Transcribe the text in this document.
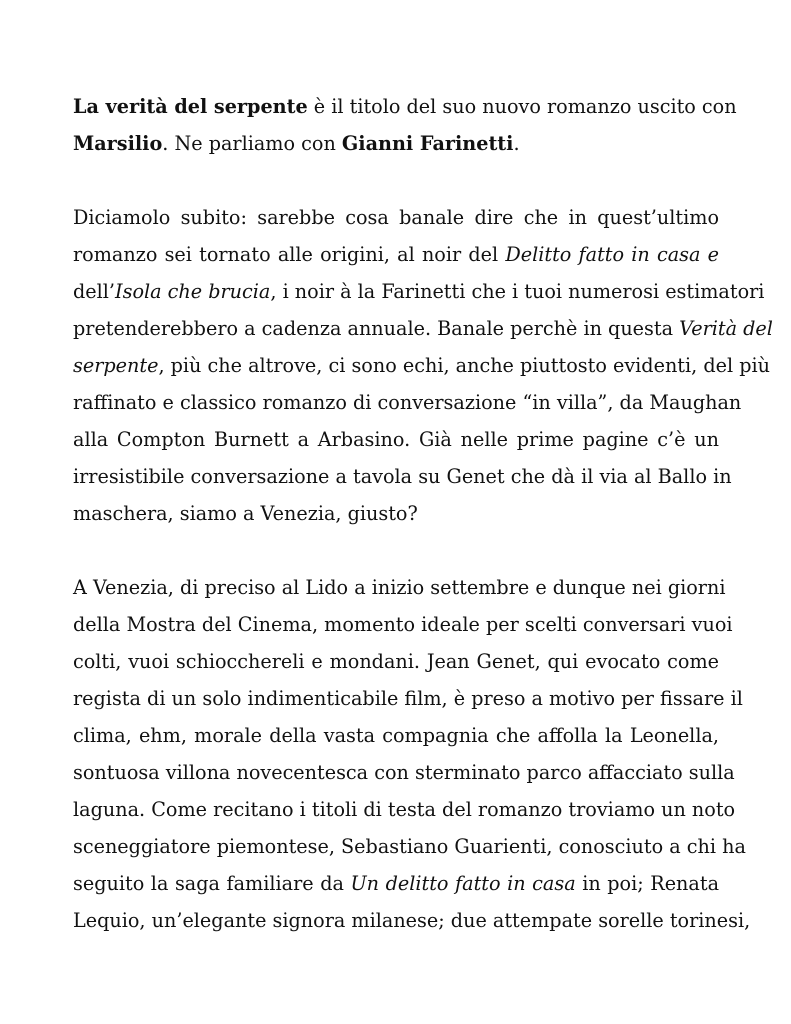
La verità del serpente è il titolo del suo nuovo romanzo uscito con
Marsilio. Ne parliamo con Gianni Farinetti.

Diciamolo subito: sarebbe cosa banale dire che in quest’ultimo
romanzo sei tornato alle origini, al noir del Delitto fatto in casa e
dell’Isola che brucia, i noir à la Farinetti che i tuoi numerosi estimatori
pretenderebbero a cadenza annuale. Banale perchè in questa Verità del
serpente, più che altrove, ci sono echi, anche piuttosto evidenti, del più
raffinato e classico romanzo di conversazione “in villa”, da Maughan
alla Compton Burnett a Arbasino. Già nelle prime pagine c’è un
irresistibile conversazione a tavola su Genet che dà il via al Ballo in
maschera, siamo a Venezia, giusto?

A Venezia, di preciso al Lido a inizio settembre e dunque nei giorni
della Mostra del Cinema, momento ideale per scelti conversari vuoi
colti, vuoi schiocchereli e mondani. Jean Genet, qui evocato come
regista di un solo indimenticabile film, è preso a motivo per fissare il
clima, ehm, morale della vasta compagnia che affolla la Leonella,
sontuosa villona novecentesca con sterminato parco affacciato sulla
laguna. Come recitano i titoli di testa del romanzo troviamo un noto
sceneggiatore piemontese, Sebastiano Guarienti, conosciuto a chi ha
seguito la saga familiare da Un delitto fatto in casa in poi; Renata
Lequio, un’elegante signora milanese; due attempate sorelle torinesi,
